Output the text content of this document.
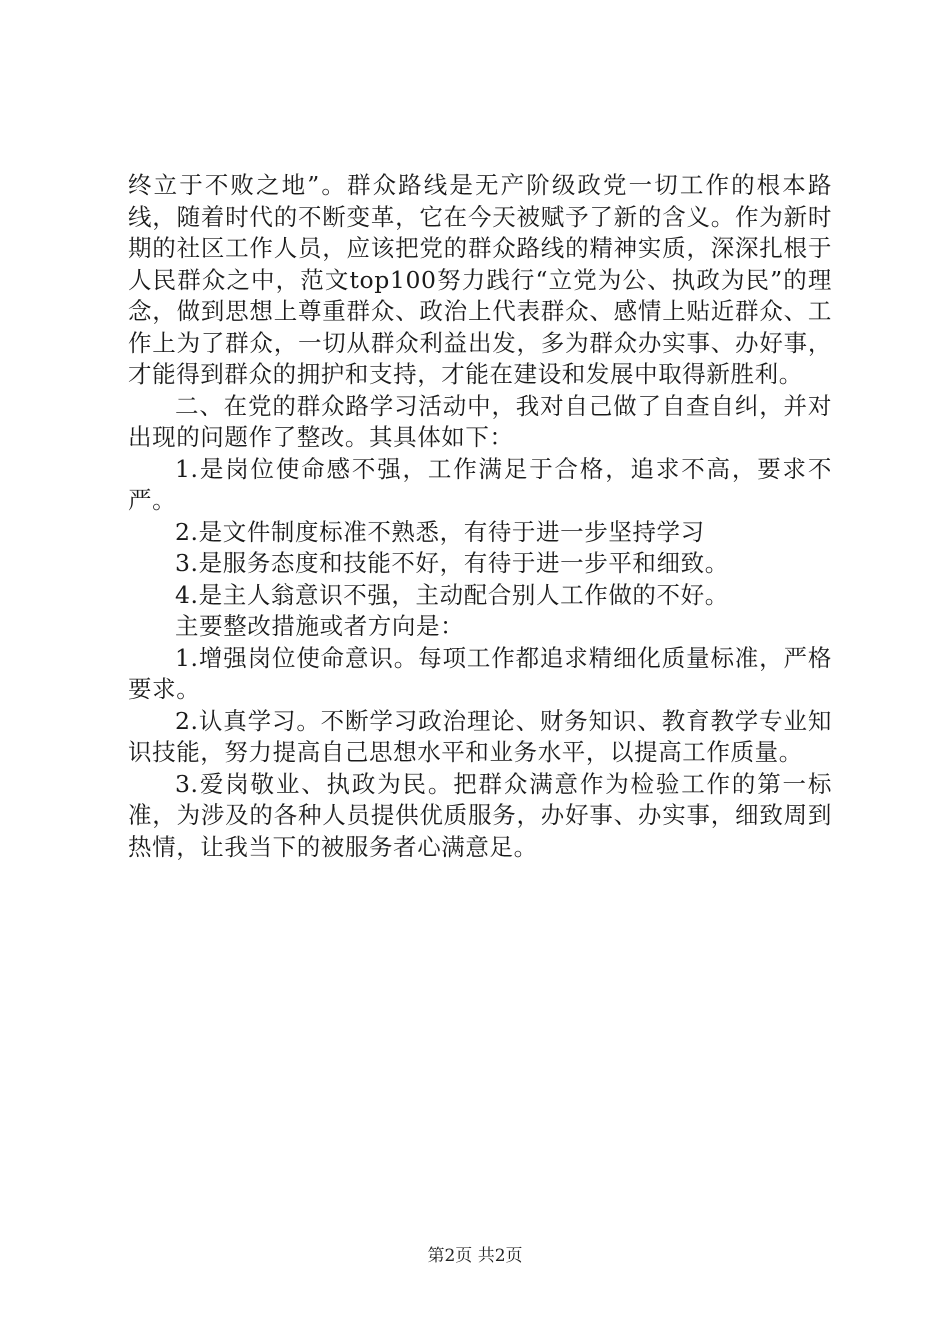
终立于不败之地”。群众路线是无产阶级政党一切工作的根本路线，随着时代的不断变革，它在今天被赋予了新的含义。作为新时期的社区工作人员，应该把党的群众路线的精神实质，深深扎根于人民群众之中，范文top100努力践行“立党为公、执政为民”的理念，做到思想上尊重群众、政治上代表群众、感情上贴近群众、工作上为了群众，一切从群众利益出发，多为群众办实事、办好事，才能得到群众的拥护和支持，才能在建设和发展中取得新胜利。

二、在党的群众路学习活动中，我对自己做了自查自纠，并对出现的问题作了整改。其具体如下：

1.是岗位使命感不强，工作满足于合格，追求不高，要求不严。

2.是文件制度标准不熟悉，有待于进一步坚持学习

3.是服务态度和技能不好，有待于进一步平和细致。

4.是主人翁意识不强，主动配合别人工作做的不好。

主要整改措施或者方向是：

1.增强岗位使命意识。每项工作都追求精细化质量标准，严格要求。

2.认真学习。不断学习政治理论、财务知识、教育教学专业知识技能，努力提高自己思想水平和业务水平，以提高工作质量。

3.爱岗敬业、执政为民。把群众满意作为检验工作的第一标准，为涉及的各种人员提供优质服务，办好事、办实事，细致周到热情，让我当下的被服务者心满意足。

第2页 共2页
